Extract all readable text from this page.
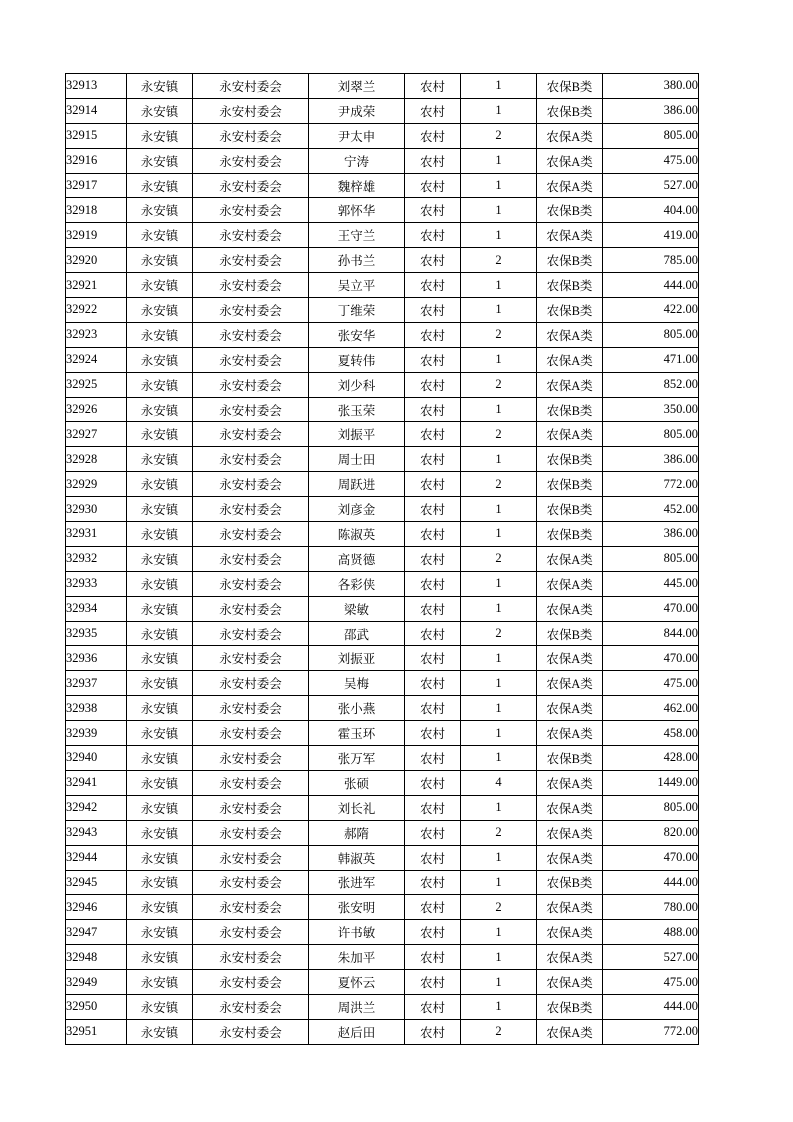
32913	永安镇	永安村委会	刘翠兰	农村	1	农保B类	380.00
32914	永安镇	永安村委会	尹成荣	农村	1	农保B类	386.00
32915	永安镇	永安村委会	尹太申	农村	2	农保A类	805.00
32916	永安镇	永安村委会	宁涛	农村	1	农保A类	475.00
32917	永安镇	永安村委会	魏梓雄	农村	1	农保A类	527.00
32918	永安镇	永安村委会	郭怀华	农村	1	农保B类	404.00
32919	永安镇	永安村委会	王守兰	农村	1	农保A类	419.00
32920	永安镇	永安村委会	孙书兰	农村	2	农保B类	785.00
32921	永安镇	永安村委会	吴立平	农村	1	农保B类	444.00
32922	永安镇	永安村委会	丁维荣	农村	1	农保B类	422.00
32923	永安镇	永安村委会	张安华	农村	2	农保A类	805.00
32924	永安镇	永安村委会	夏转伟	农村	1	农保A类	471.00
32925	永安镇	永安村委会	刘少科	农村	2	农保A类	852.00
32926	永安镇	永安村委会	张玉荣	农村	1	农保B类	350.00
32927	永安镇	永安村委会	刘振平	农村	2	农保A类	805.00
32928	永安镇	永安村委会	周士田	农村	1	农保B类	386.00
32929	永安镇	永安村委会	周跃进	农村	2	农保B类	772.00
32930	永安镇	永安村委会	刘彦金	农村	1	农保B类	452.00
32931	永安镇	永安村委会	陈淑英	农村	1	农保B类	386.00
32932	永安镇	永安村委会	高贤德	农村	2	农保A类	805.00
32933	永安镇	永安村委会	各彩侠	农村	1	农保A类	445.00
32934	永安镇	永安村委会	梁敏	农村	1	农保A类	470.00
32935	永安镇	永安村委会	邵武	农村	2	农保B类	844.00
32936	永安镇	永安村委会	刘振亚	农村	1	农保A类	470.00
32937	永安镇	永安村委会	吴梅	农村	1	农保A类	475.00
32938	永安镇	永安村委会	张小燕	农村	1	农保A类	462.00
32939	永安镇	永安村委会	霍玉环	农村	1	农保A类	458.00
32940	永安镇	永安村委会	张万军	农村	1	农保B类	428.00
32941	永安镇	永安村委会	张硕	农村	4	农保A类	1449.00
32942	永安镇	永安村委会	刘长礼	农村	1	农保A类	805.00
32943	永安镇	永安村委会	郝隋	农村	2	农保A类	820.00
32944	永安镇	永安村委会	韩淑英	农村	1	农保A类	470.00
32945	永安镇	永安村委会	张进军	农村	1	农保B类	444.00
32946	永安镇	永安村委会	张安明	农村	2	农保A类	780.00
32947	永安镇	永安村委会	许书敏	农村	1	农保A类	488.00
32948	永安镇	永安村委会	朱加平	农村	1	农保A类	527.00
32949	永安镇	永安村委会	夏怀云	农村	1	农保A类	475.00
32950	永安镇	永安村委会	周洪兰	农村	1	农保B类	444.00
32951	永安镇	永安村委会	赵后田	农村	2	农保A类	772.00
